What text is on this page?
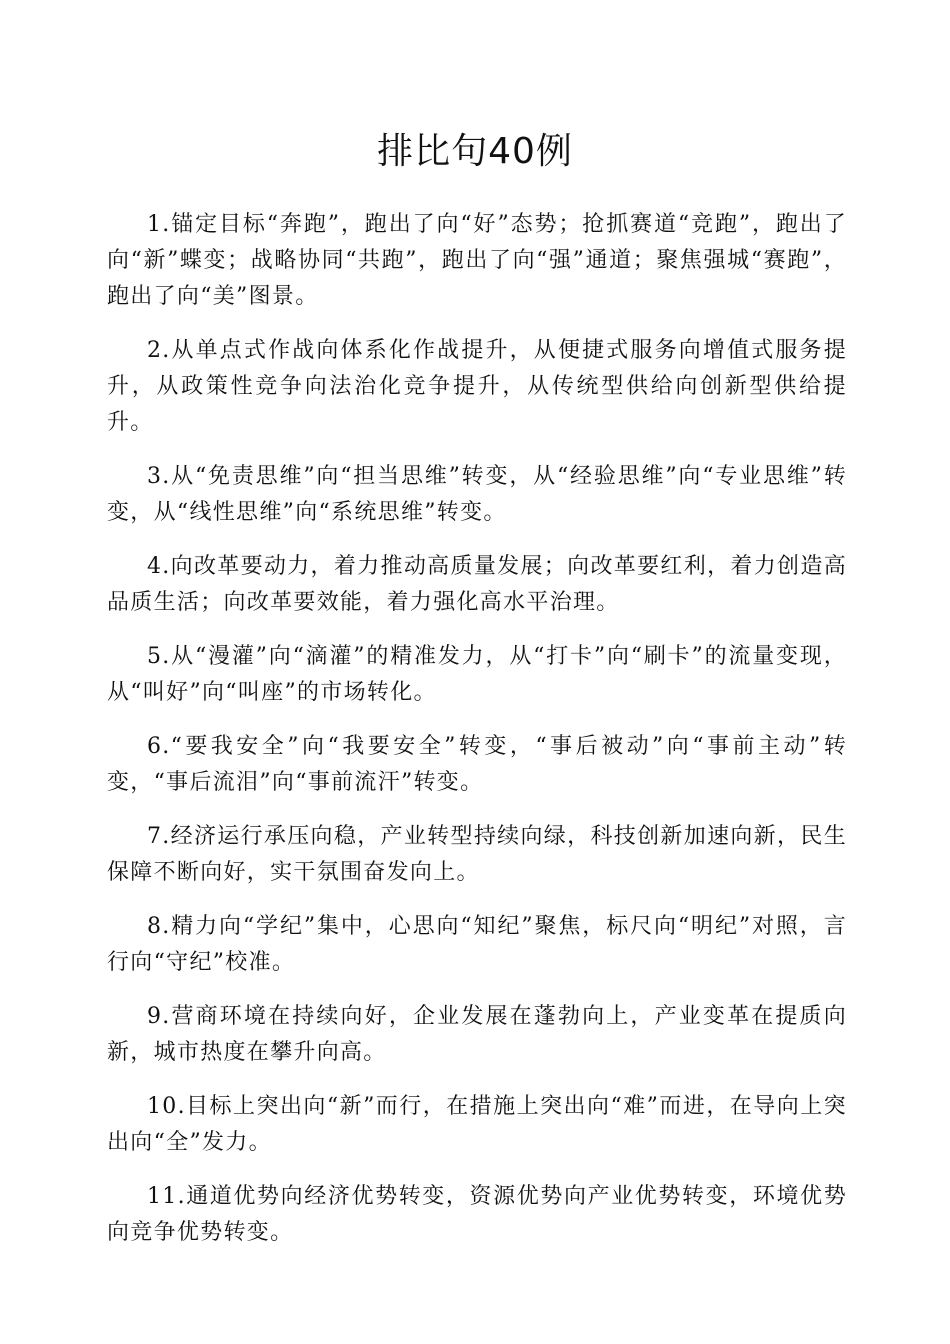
排比句40例

1.锚定目标“奔跑”，跑出了向“好”态势；抢抓赛道“竞跑”，跑出了向“新”蝶变；战略协同“共跑”，跑出了向“强”通道；聚焦强城“赛跑”，跑出了向“美”图景。

2.从单点式作战向体系化作战提升，从便捷式服务向增值式服务提升，从政策性竞争向法治化竞争提升，从传统型供给向创新型供给提升。

3.从“免责思维”向“担当思维”转变，从“经验思维”向“专业思维”转变，从“线性思维”向“系统思维”转变。

4.向改革要动力，着力推动高质量发展；向改革要红利，着力创造高品质生活；向改革要效能，着力强化高水平治理。

5.从“漫灌”向“滴灌”的精准发力，从“打卡”向“刷卡”的流量变现，从“叫好”向“叫座”的市场转化。

6.“要我安全”向“我要安全”转变，“事后被动”向“事前主动”转变，“事后流泪”向“事前流汗”转变。

7.经济运行承压向稳，产业转型持续向绿，科技创新加速向新，民生保障不断向好，实干氛围奋发向上。

8.精力向“学纪”集中，心思向“知纪”聚焦，标尺向“明纪”对照，言行向“守纪”校准。

9.营商环境在持续向好，企业发展在蓬勃向上，产业变革在提质向新，城市热度在攀升向高。

10.目标上突出向“新”而行，在措施上突出向“难”而进，在导向上突出向“全”发力。

11.通道优势向经济优势转变，资源优势向产业优势转变，环境优势向竞争优势转变。
